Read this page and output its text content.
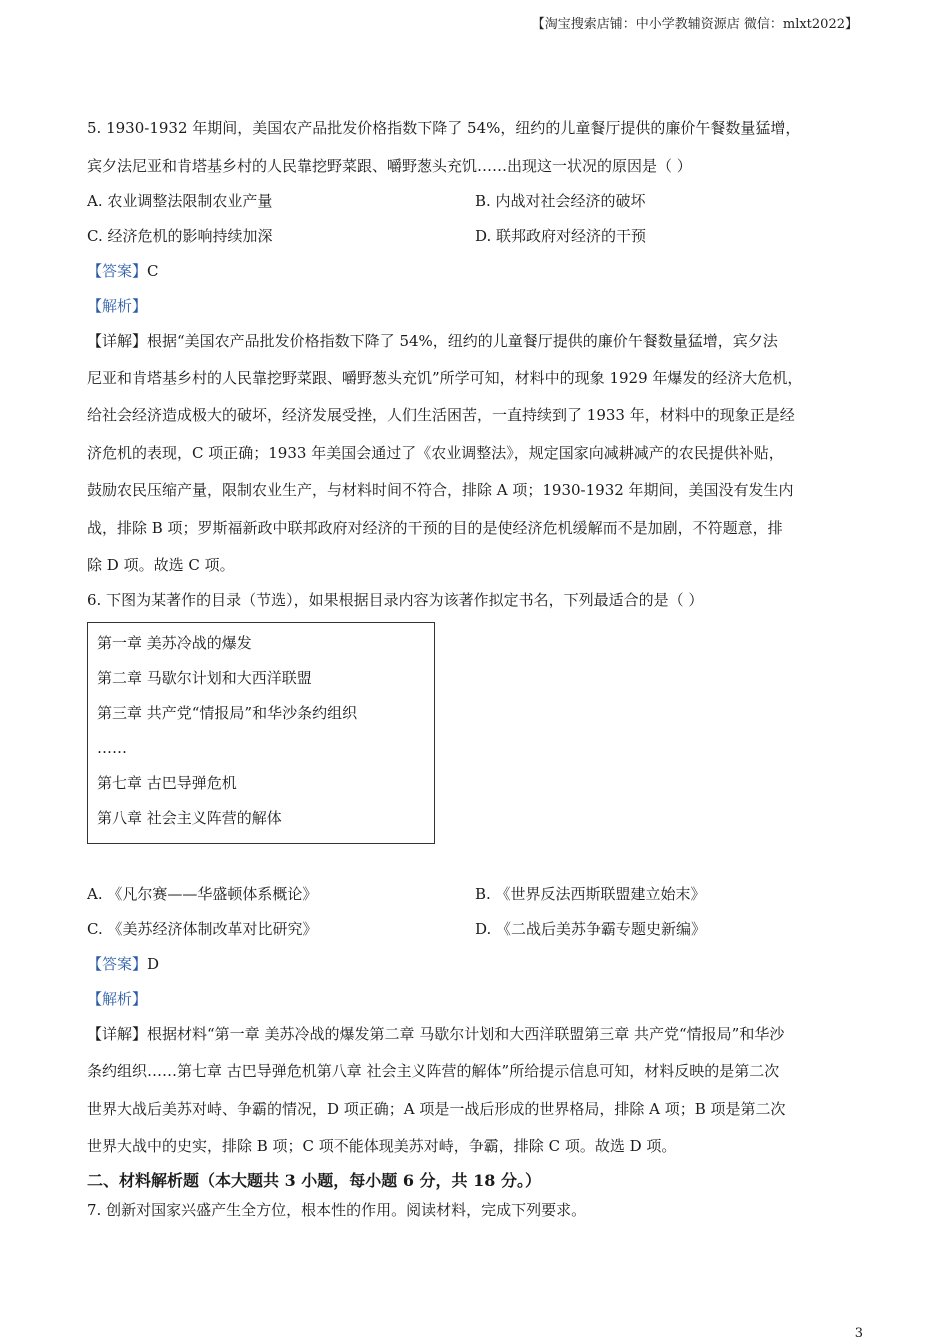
【淘宝搜索店铺：中小学教辅资源店 微信：mlxt2022】
5. 1930-1932 年期间，美国农产品批发价格指数下降了 54%，纽约的儿童餐厅提供的廉价午餐数量猛增，
宾夕法尼亚和肯塔基乡村的人民靠挖野菜跟、嚼野葱头充饥……出现这一状况的原因是（ ）
A. 农业调整法限制农业产量	B. 内战对社会经济的破坏
C. 经济危机的影响持续加深	D. 联邦政府对经济的干预
【答案】C
【解析】
【详解】根据“美国农产品批发价格指数下降了 54%，纽约的儿童餐厅提供的廉价午餐数量猛增，宾夕法
尼亚和肯塔基乡村的人民靠挖野菜跟、嚼野葱头充饥”所学可知，材料中的现象 1929 年爆发的经济大危机，
给社会经济造成极大的破坏，经济发展受挫，人们生活困苦，一直持续到了 1933 年，材料中的现象正是经
济危机的表现，C 项正确；1933 年美国会通过了《农业调整法》，规定国家向减耕减产的农民提供补贴，
鼓励农民压缩产量，限制农业生产，与材料时间不符合，排除 A 项；1930-1932 年期间，美国没有发生内
战，排除 B 项；罗斯福新政中联邦政府对经济的干预的目的是使经济危机缓解而不是加剧，不符题意，排
除 D 项。故选 C 项。
6. 下图为某著作的目录（节选），如果根据目录内容为该著作拟定书名，下列最适合的是（ ）
第一章 美苏冷战的爆发
第二章 马歇尔计划和大西洋联盟
第三章 共产党“情报局”和华沙条约组织
……
第七章 古巴导弹危机
第八章 社会主义阵营的解体
A. 《凡尔赛——华盛顿体系概论》	B. 《世界反法西斯联盟建立始末》
C. 《美苏经济体制改革对比研究》	D. 《二战后美苏争霸专题史新编》
【答案】D
【解析】
【详解】根据材料“第一章 美苏冷战的爆发第二章 马歇尔计划和大西洋联盟第三章 共产党“情报局”和华沙
条约组织……第七章 古巴导弹危机第八章 社会主义阵营的解体”所给提示信息可知，材料反映的是第二次
世界大战后美苏对峙、争霸的情况，D 项正确；A 项是一战后形成的世界格局，排除 A 项；B 项是第二次
世界大战中的史实，排除 B 项；C 项不能体现美苏对峙，争霸，排除 C 项。故选 D 项。
二、材料解析题（本大题共 3 小题，每小题 6 分，共 18 分。）
7. 创新对国家兴盛产生全方位，根本性的作用。阅读材料，完成下列要求。
3
